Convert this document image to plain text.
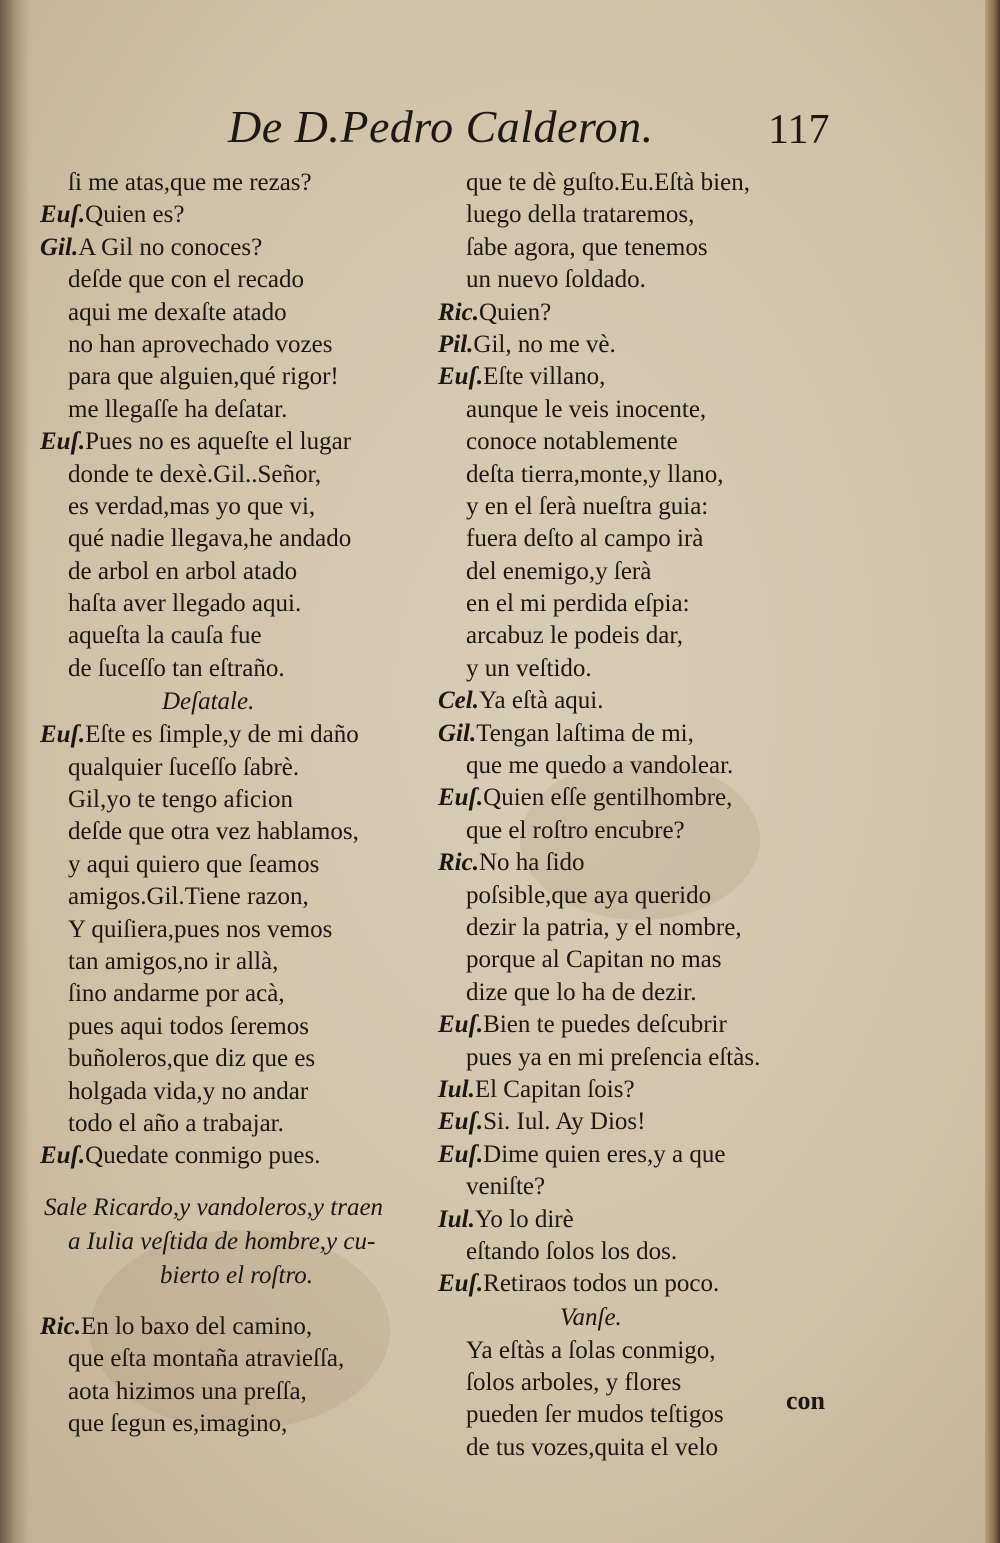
De D.Pedro Calderon.	117
ſi me atas,que me rezas?
Euſ.Quien es?
Gil.A Gil no conoces?
deſde que con el recado
aqui me dexaſte atado
no han aprovechado vozes
para que alguien,qué rigor!
me llegaſſe ha deſatar.
Euſ.Pues no es aqueſte el lugar
donde te dexè.Gil..Señor,
es verdad,mas yo que vi,
qué nadie llegava,he andado
de arbol en arbol atado
haſta aver llegado aqui.
aqueſta la cauſa fue
de ſuceſſo tan eſtraño.
Deſatale.
Euſ.Eſte es ſimple,y de mi daño
qualquier ſuceſſo ſabrè.
Gil,yo te tengo aficion
deſde que otra vez hablamos,
y aqui quiero que ſeamos
amigos.Gil.Tiene razon,
Y quiſiera,pues nos vemos
tan amigos,no ir allà,
ſino andarme por acà,
pues aqui todos ſeremos
buñoleros,que diz que es
holgada vida,y no andar
todo el año a trabajar.
Euſ.Quedate conmigo pues.
Sale Ricardo,y vandoleros,y traen
a Iulia veſtida de hombre,y cu-
bierto el roſtro.
Ric.En lo baxo del camino,
que eſta montaña atravieſſa,
aota hizimos una preſſa,
que ſegun es,imagino,
que te dè guſto.Eu.Eſtà bien,
luego della trataremos,
ſabe agora, que tenemos
un nuevo ſoldado.
Ric.Quien?
Pil.Gil, no me vè.
Euſ.Eſte villano,
aunque le veis inocente,
conoce notablemente
deſta tierra,monte,y llano,
y en el ſerà nueſtra guia:
fuera deſto al campo irà
del enemigo,y ſerà
en el mi perdida eſpia:
arcabuz le podeis dar,
y un veſtido.
Cel.Ya eſtà aqui.
Gil.Tengan laſtima de mi,
que me quedo a vandolear.
Euſ.Quien eſſe gentilhombre,
que el roſtro encubre?
Ric.No ha ſido
poſsible,que aya querido
dezir la patria, y el nombre,
porque al Capitan no mas
dize que lo ha de dezir.
Euſ.Bien te puedes deſcubrir
pues ya en mi preſencia eſtàs.
Iul.El Capitan ſois?
Euſ.Si. Iul. Ay Dios!
Euſ.Dime quien eres,y a que
veniſte?
Iul.Yo lo dirè
eſtando ſolos los dos.
Euſ.Retiraos todos un poco.
Vanſe.
Ya eſtàs a ſolas conmigo,
ſolos arboles, y flores
pueden ſer mudos teſtigos
de tus vozes,quita el velo
con
